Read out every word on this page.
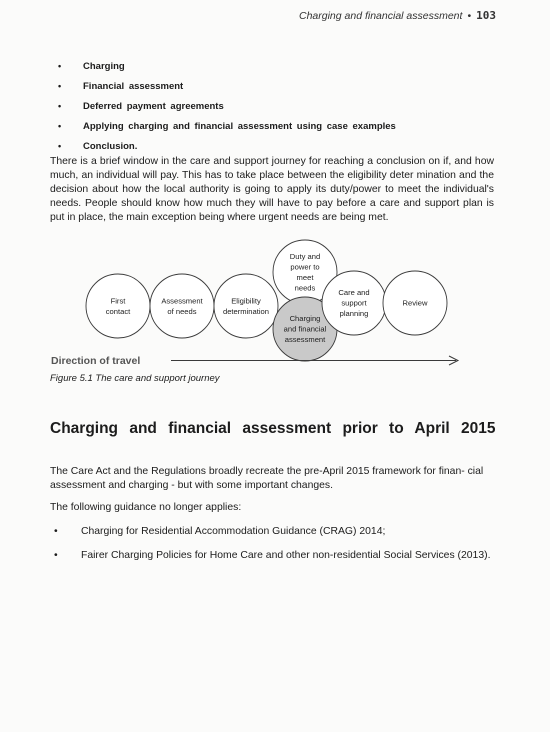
Charging and financial assessment • 103
•	Charging
•	Financial assessment
•	Deferred payment agreements
•	Applying charging and financial assessment using case examples
•	Conclusion.

There is a brief window in the care and support journey for reaching a conclusion on if, and how much, an individual will pay. This has to take place between the eligibility deter mination and the decision about how the local authority is going to apply its duty/power to meet the individual's needs. People should know how much they will have to pay before a care and support plan is put in place, the main exception being where urgent needs are being met.

First contact
Assessment of needs
Eligibility determination
Duty and power to meet needs
Charging and financial assessment
Care and support planning
Review
Direction of travel

Figure 5.1 The care and support journey

Charging and financial assessment prior to April 2015

The Care Act and the Regulations broadly recreate the pre-April 2015 framework for finan- cial assessment and charging - but with some important changes.

The following guidance no longer applies:

•	Charging for Residential Accommodation Guidance (CRAG) 2014;
•	Fairer Charging Policies for Home Care and other non-residential Social Services (2013).
